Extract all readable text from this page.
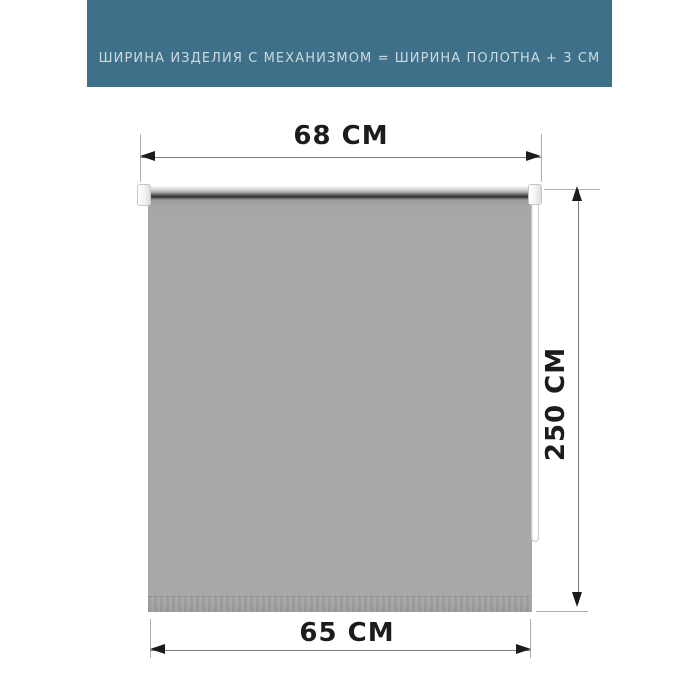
ШИРИНА ИЗДЕЛИЯ С МЕХАНИЗМОМ = ШИРИНА ПОЛОТНА + 3 СМ
68 СМ
250 СМ
65 СМ
